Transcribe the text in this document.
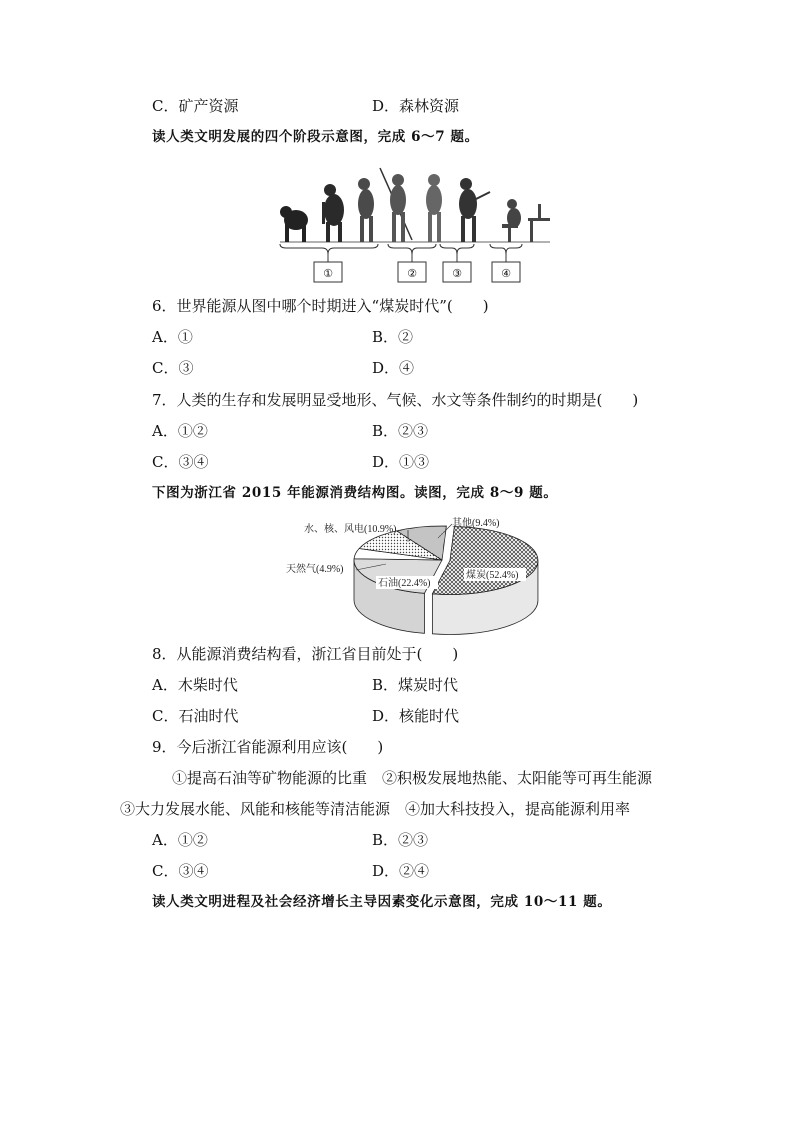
C．矿产资源	D．森林资源
读人类文明发展的四个阶段示意图，完成 6～7 题。
①	②	③	④
6．世界能源从图中哪个时期进入“煤炭时代”(　　)
A．①	B．②
C．③	D．④
7．人类的生存和发展明显受地形、气候、水文等条件制约的时期是(　　)
A．①②	B．②③
C．③④	D．①③
下图为浙江省 2015 年能源消费结构图。读图，完成 8～9 题。
煤炭(52.4%)
石油(22.4%)
天然气(4.9%)
水、核、风电(10.9%)
其他(9.4%)
8．从能源消费结构看，浙江省目前处于(　　)
A．木柴时代	B．煤炭时代
C．石油时代	D．核能时代
9．今后浙江省能源利用应该(　　)
①提高石油等矿物能源的比重　②积极发展地热能、太阳能等可再生能源
③大力发展水能、风能和核能等清洁能源　④加大科技投入，提高能源利用率
A．①②	B．②③
C．③④	D．②④
读人类文明进程及社会经济增长主导因素变化示意图，完成 10～11 题。
